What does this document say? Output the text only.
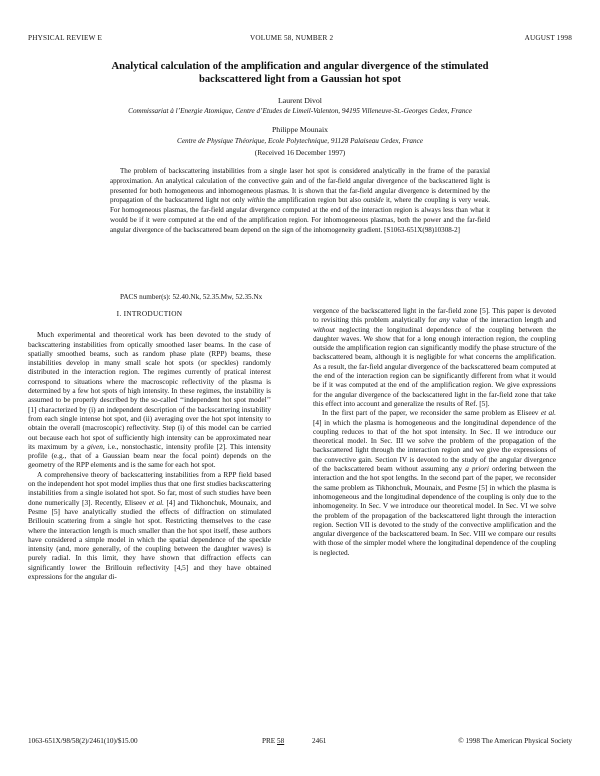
PHYSICAL REVIEW E	VOLUME 58, NUMBER 2	AUGUST 1998
Analytical calculation of the amplification and angular divergence of the stimulated
backscattered light from a Gaussian hot spot
Laurent Divol
Commissariat à l’Energie Atomique, Centre d’Etudes de Limeil-Valenton, 94195 Villeneuve-St.-Georges Cedex, France
Philippe Mounaix
Centre de Physique Théorique, Ecole Polytechnique, 91128 Palaiseau Cedex, France
(Received 16 December 1997)
The problem of backscattering instabilities from a single laser hot spot is considered analytically in the frame of the paraxial approximation. An analytical calculation of the convective gain and of the far-field angular divergence of the backscattered light is presented for both homogeneous and inhomogeneous plasmas. It is shown that the far-field angular divergence is determined by the propagation of the backscattered light not only within the amplification region but also outside it, where the coupling is very weak. For homogeneous plasmas, the far-field angular divergence computed at the end of the interaction region is always less than what it would be if it were computed at the end of the amplification region. For inhomogeneous plasmas, both the power and the far-field angular divergence of the backscattered beam depend on the sign of the inhomogeneity gradient. [S1063-651X(98)10308-2]
PACS number(s): 52.40.Nk, 52.35.Mw, 52.35.Nx
I. INTRODUCTION

Much experimental and theoretical work has been devoted to the study of backscattering instabilities from optically smoothed laser beams. In the case of spatially smoothed beams, such as random phase plate (RPP) beams, these instabilities develop in many small scale hot spots (or speckles) randomly distributed in the interaction region. The regimes currently of pratical interest correspond to situations where the macroscopic reflectivity of the plasma is determined by a few hot spots of high intensity. In these regimes, the instability is assumed to be properly described by the so-called ‘‘independent hot spot model’’ [1] characterized by (i) an independent description of the backscattering instability from each single intense hot spot, and (ii) averaging over the hot spot intensity to obtain the overall (macroscopic) reflectivity. Step (i) of this model can be carried out because each hot spot of sufficiently high intensity can be approximated near its maximum by a given, i.e., nonstochastic, intensity profile [2]. This intensity profile (e.g., that of a Gaussian beam near the focal point) depends on the geometry of the RPP elements and is the same for each hot spot.

A comprehensive theory of backscattering instabilities from a RPP field based on the independent hot spot model implies thus that one first studies backscattering instabilities from a single isolated hot spot. So far, most of such studies have been done numerically [3]. Recently, Eliseev et al. [4] and Tikhonchuk, Mounaix, and Pesme [5] have analytically studied the effects of diffraction on stimulated Brillouin scattering from a single hot spot. Restricting themselves to the case where the interaction length is much smaller than the hot spot itself, these authors have considered a simple model in which the spatial dependence of the speckle intensity (and, more generally, of the coupling between the daughter waves) is purely radial. In this limit, they have shown that diffraction effects can significantly lower the Brillouin reflectivity [4,5] and they have obtained expressions for the angular di-

vergence of the backscattered light in the far-field zone [5]. This paper is devoted to revisiting this problem analytically for any value of the interaction length and without neglecting the longitudinal dependence of the coupling between the daughter waves. We show that for a long enough interaction region, the coupling outside the amplification region can significantly modify the phase structure of the backscattered beam, although it is negligible for what concerns the amplification. As a result, the far-field angular divergence of the backscattered beam computed at the end of the interaction region can be significantly different from what it would be if it was computed at the end of the amplification region. We give expressions for the angular divergence of the backscattered light in the far-field zone that take this effect into account and generalize the results of Ref. [5].

In the first part of the paper, we reconsider the same problem as Eliseev et al. [4] in which the plasma is homogeneous and the longitudinal dependence of the coupling reduces to that of the hot spot intensity. In Sec. II we introduce our theoretical model. In Sec. III we solve the problem of the propagation of the backscattered light through the interaction region and we give the expressions of the convective gain. Section IV is devoted to the study of the angular divergence of the backscattered beam without assuming any a priori ordering between the interaction and the hot spot lengths. In the second part of the paper, we reconsider the same problem as Tikhonchuk, Mounaix, and Pesme [5] in which the plasma is inhomogeneous and the longitudinal dependence of the coupling is only due to the inhomogeneity. In Sec. V we introduce our theoretical model. In Sec. VI we solve the problem of the propagation of the backscattered light through the interaction region. Section VII is devoted to the study of the convective amplification and the angular divergence of the backscattered beam. In Sec. VIII we compare our results with those of the simpler model where the longitudinal dependence of the coupling is neglected.

1063-651X/98/58(2)/2461(10)/$15.00	PRE 58	2461	© 1998 The American Physical Society
